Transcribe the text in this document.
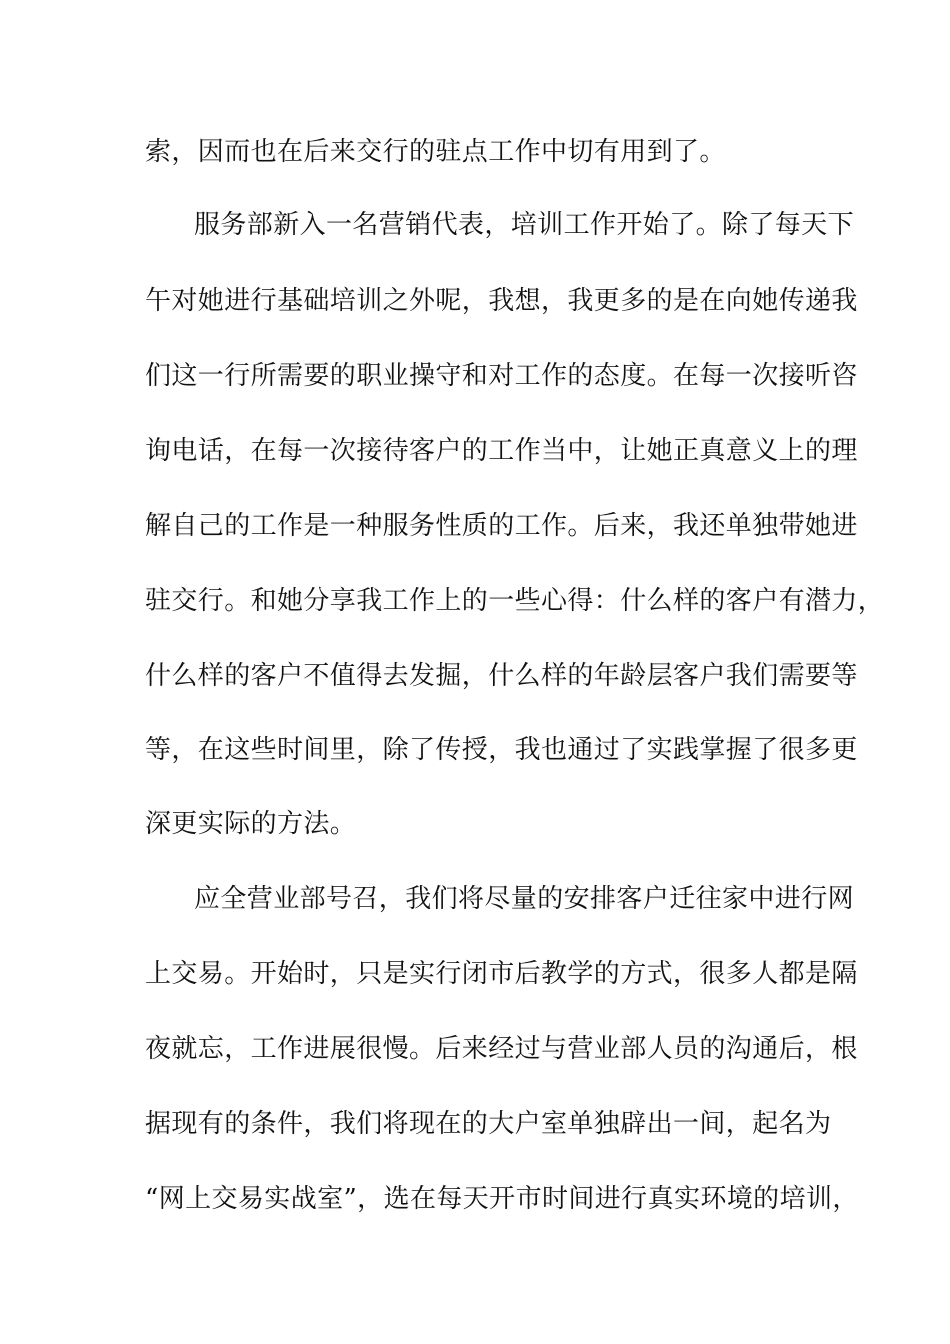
索，因而也在后来交行的驻点工作中切有用到了。
服务部新入一名营销代表，培训工作开始了。除了每天下
午对她进行基础培训之外呢，我想，我更多的是在向她传递我
们这一行所需要的职业操守和对工作的态度。在每一次接听咨
询电话，在每一次接待客户的工作当中，让她正真意义上的理
解自己的工作是一种服务性质的工作。后来，我还单独带她进
驻交行。和她分享我工作上的一些心得：什么样的客户有潜力，
什么样的客户不值得去发掘，什么样的年龄层客户我们需要等
等，在这些时间里，除了传授，我也通过了实践掌握了很多更
深更实际的方法。
应全营业部号召，我们将尽量的安排客户迁往家中进行网
上交易。开始时，只是实行闭市后教学的方式，很多人都是隔
夜就忘，工作进展很慢。后来经过与营业部人员的沟通后，根
据现有的条件，我们将现在的大户室单独辟出一间，起名为
“网上交易实战室”，选在每天开市时间进行真实环境的培训，
